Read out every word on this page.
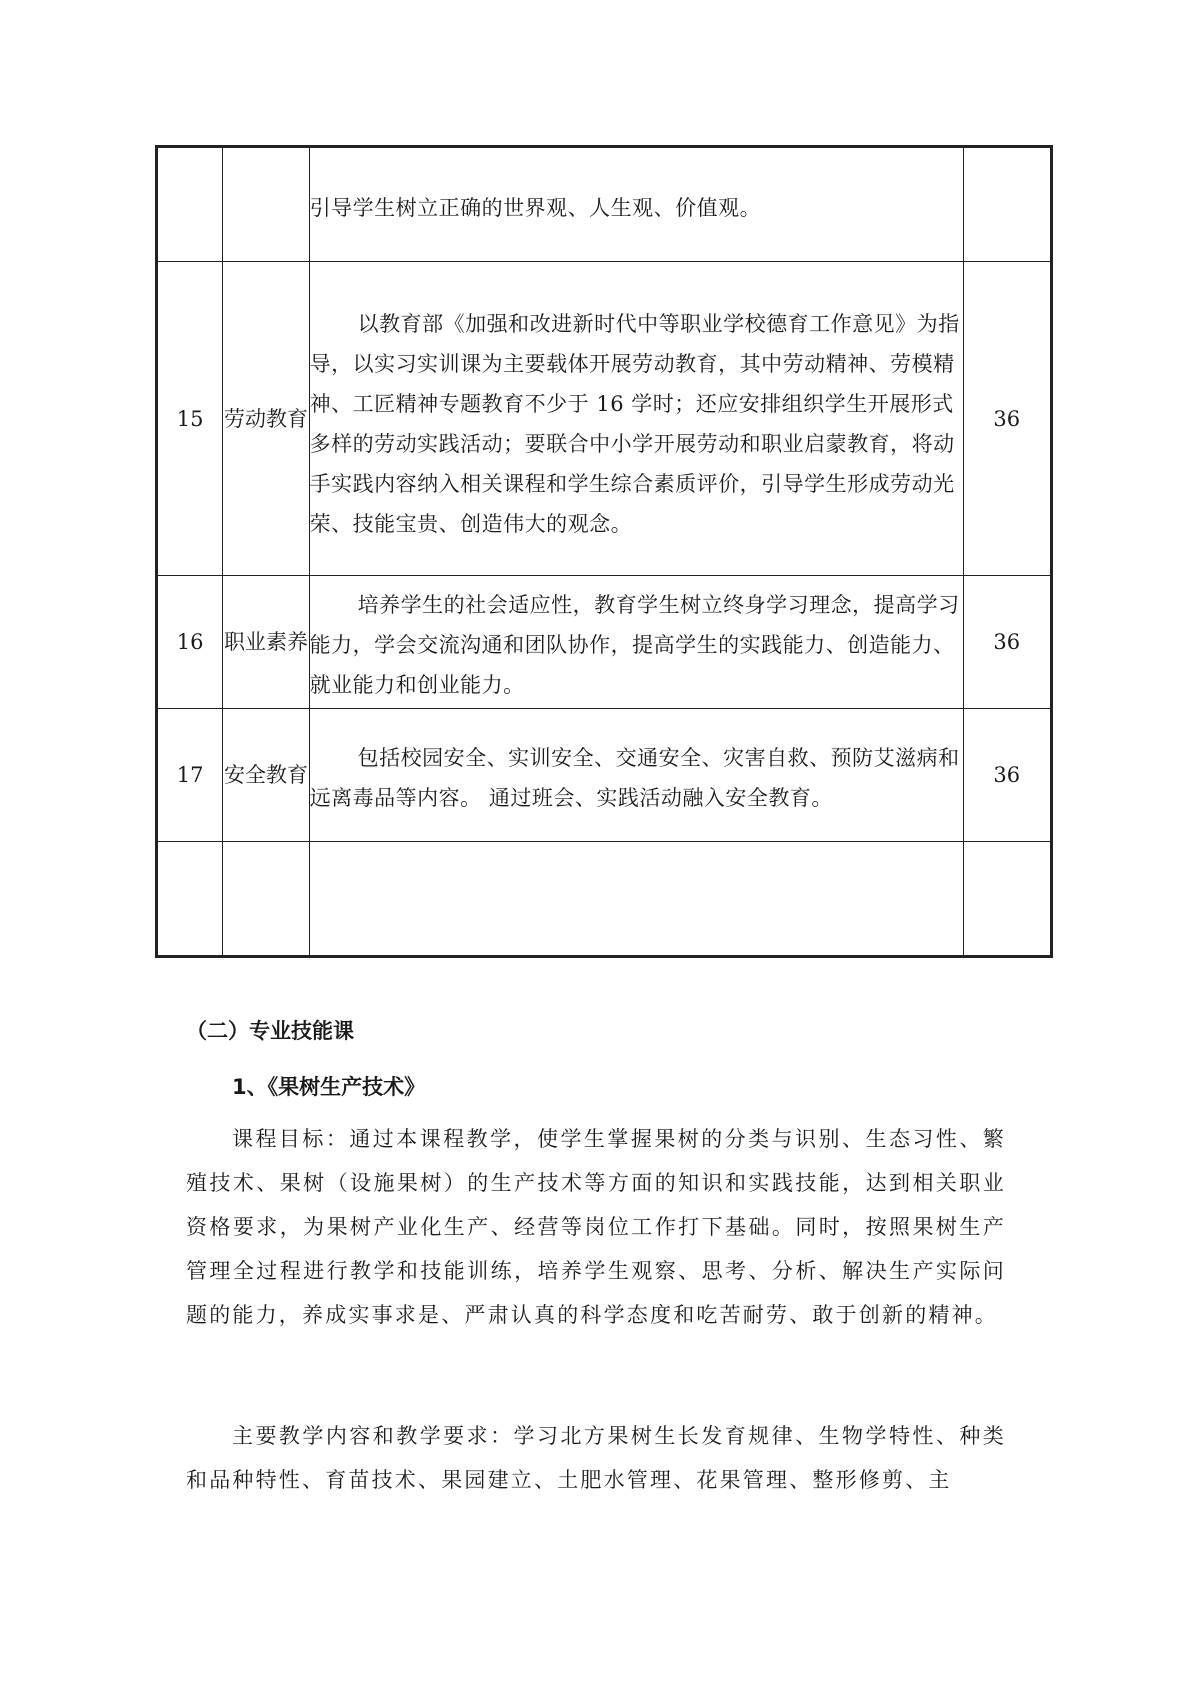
		引导学生树立正确的世界观、人生观、价值观。	

15	劳动教育	以教育部《加强和改进新时代中等职业学校德育工作意见》为指导，以实习实训课为主要载体开展劳动教育，其中劳动精神、劳模精神、工匠精神专题教育不少于 16 学时；还应安排组织学生开展形式多样的劳动实践活动；要联合中小学开展劳动和职业启蒙教育，将动手实践内容纳入相关课程和学生综合素质评价，引导学生形成劳动光荣、技能宝贵、创造伟大的观念。	36
16	职业素养	培养学生的社会适应性，教育学生树立终身学习理念，提高学习能力，学会交流沟通和团队协作，提高学生的实践能力、创造能力、就业能力和创业能力。	36
17	安全教育	包括校园安全、实训安全、交通安全、灾害自救、预防艾滋病和远离毒品等内容。 通过班会、实践活动融入安全教育。	36

（二）专业技能课
1、《果树生产技术》

课程目标：通过本课程教学，使学生掌握果树的分类与识别、生态习性、繁殖技术、果树（设施果树）的生产技术等方面的知识和实践技能，达到相关职业资格要求，为果树产业化生产、经营等岗位工作打下基础。同时，按照果树生产管理全过程进行教学和技能训练，培养学生观察、思考、分析、解决生产实际问题的能力，养成实事求是、严肃认真的科学态度和吃苦耐劳、敢于创新的精神。

主要教学内容和教学要求：学习北方果树生长发育规律、生物学特性、种类和品种特性、育苗技术、果园建立、土肥水管理、花果管理、整形修剪、主
